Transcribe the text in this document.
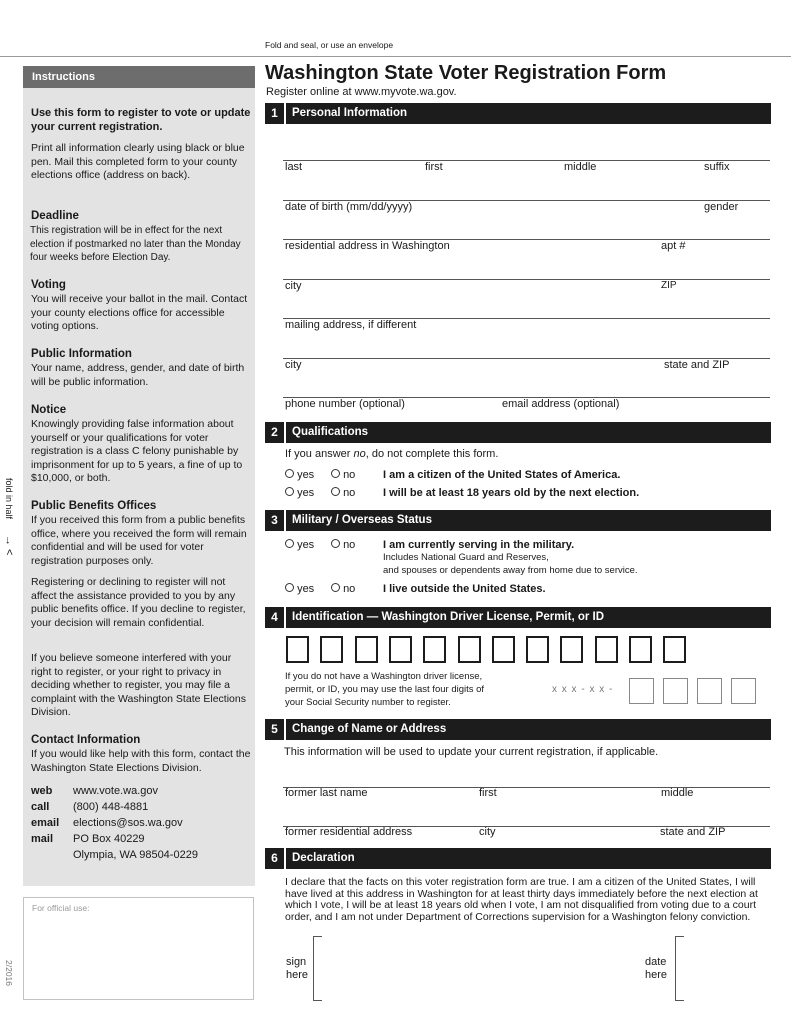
Fold and seal, or use an envelope
Instructions
Use this form to register to vote or update your current registration.
Print all information clearly using black or blue pen. Mail this completed form to your county elections office (address on back).
Deadline
This registration will be in effect for the next election if postmarked no later than the Monday four weeks before Election Day.
Voting
You will receive your ballot in the mail. Contact your county elections office for accessible voting options.
Public Information
Your name, address, gender, and date of birth will be public information.
Notice
Knowingly providing false information about yourself or your qualifications for voter registration is a class C felony punishable by imprisonment for up to 5 years, a fine of up to $10,000, or both.
Public Benefits Offices
If you received this form from a public benefits office, where you received the form will remain confidential and will be used for voter registration purposes only.
Registering or declining to register will not affect the assistance provided to you by any public benefits office. If you decline to register, your decision will remain confidential.
If you believe someone interfered with your right to register, or your right to privacy in deciding whether to register, you may file a complaint with the Washington State Elections Division.
Contact Information
If you would like help with this form, contact the Washington State Elections Division.
web www.vote.wa.gov
call (800) 448-4881
email elections@sos.wa.gov
mail PO Box 40229
Olympia, WA 98504-0229
For official use:
fold in half
→ <
2/2016
Washington State Voter Registration Form
Register online at www.myvote.wa.gov.
1	Personal Information
last	first	middle	suffix
date of birth (mm/dd/yyyy)	gender
residential address in Washington	apt #
city	ZIP
mailing address, if different
city	state and ZIP
phone number (optional)	email address (optional)
2	Qualifications
If you answer no, do not complete this form.
yes	no	I am a citizen of the United States of America.
yes	no	I will be at least 18 years old by the next election.
3	Military / Overseas Status
yes	no	I am currently serving in the military.
Includes National Guard and Reserves,
and spouses or dependents away from home due to service.
yes	no	I live outside the United States.
4	Identification — Washington Driver License, Permit, or ID
If you do not have a Washington driver license,
permit, or ID, you may use the last four digits of
your Social Security number to register.
x x x - x x -
5	Change of Name or Address
This information will be used to update your current registration, if applicable.
former last name	first	middle
former residential address	city	state and ZIP
6	Declaration
I declare that the facts on this voter registration form are true. I am a citizen of the United States, I will have lived at this address in Washington for at least thirty days immediately before the next election at which I vote, I will be at least 18 years old when I vote, I am not disqualified from voting due to a court order, and I am not under Department of Corrections supervision for a Washington felony conviction.
sign
here
date
here
